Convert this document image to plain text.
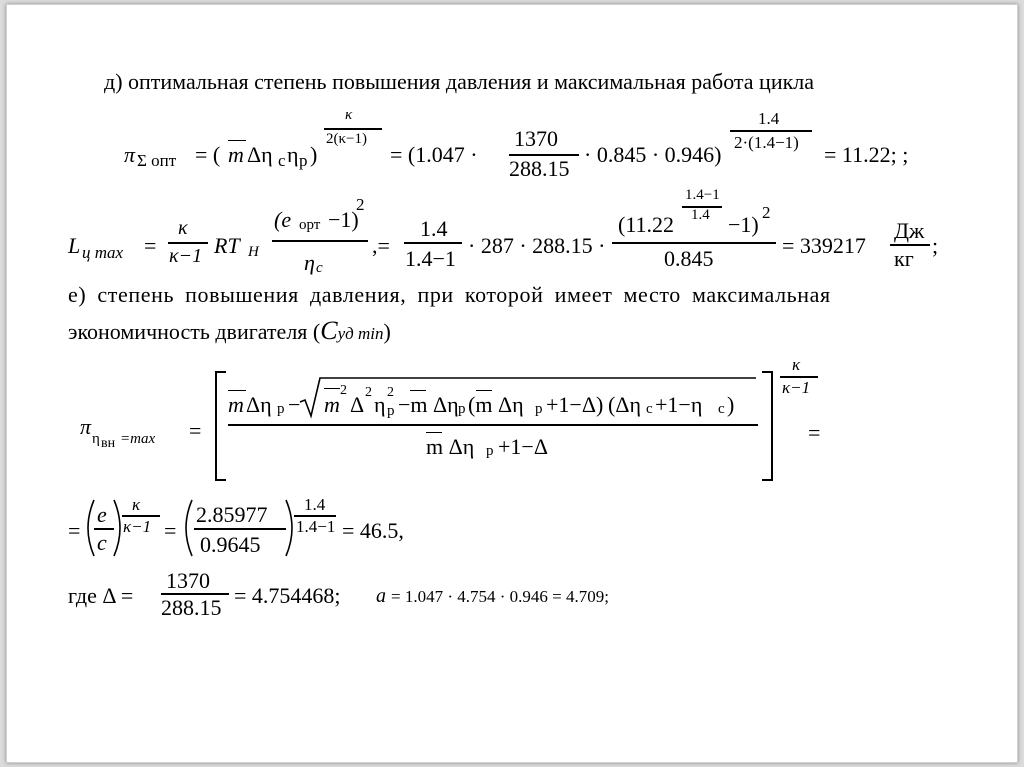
д) оптимальная степень повышения давления и максимальная работа цикла
π Σ опт = ( m Δη c η p )
κ
2(κ−1)
= (1.047 ·
1370
288.15
· 0.845 · 0.946)
1.4
2·(1.4−1) = 11.22; ;
L ц max =
κ
κ−1 RT H
(e орт −1)
2
η c
,=
1.4
1.4−1
· 287 · 288.15 ·
(11.22
1.4−1
1.4 −1) 2
0.845
= 339217
Дж
кг
;
е) степень повышения давления, при которой имеет место максимальная
экономичность двигателя (Cуд min)
π η вн =max =
m Δη p − m
2
Δ 2 η 2
p −m Δη p (m Δη p +1−Δ) (Δη c +1−η c )
m Δη p +1−Δ
κ
κ−1
=
=
e
c
κ
κ−1 =
2.85977
0.9645
1.4
1.4−1 = 46.5,
где Δ =
1370
288.15 = 4.754468; a = 1.047 · 4.754 · 0.946 = 4.709;
